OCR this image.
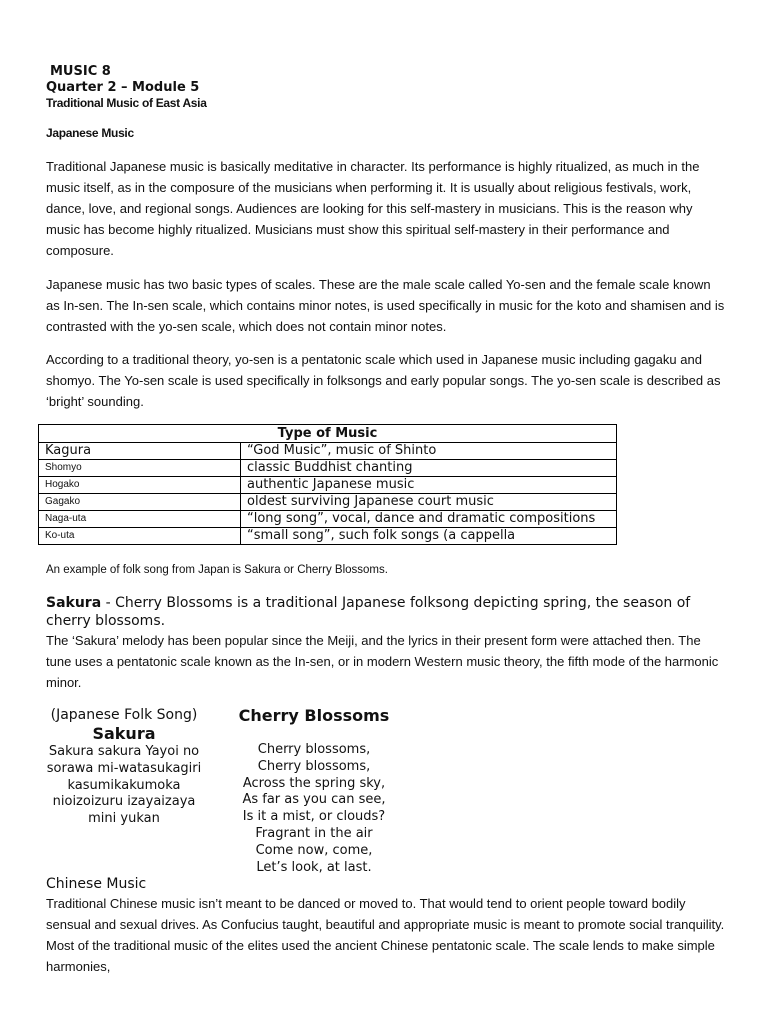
MUSIC 8
Quarter 2 – Module 5
Traditional Music of East Asia
Japanese Music
Traditional Japanese music is basically meditative in character. Its performance is highly ritualized, as much in the music itself, as in the composure of the musicians when performing it. It is usually about religious festivals, work, dance, love, and regional songs. Audiences are looking for this self-mastery in musicians. This is the reason why music has become highly ritualized. Musicians must show this spiritual self-mastery in their performance and composure.
Japanese music has two basic types of scales. These are the male scale called Yo-sen and the female scale known as In-sen. The In-sen scale, which contains minor notes, is used specifically in music for the koto and shamisen and is contrasted with the yo-sen scale, which does not contain minor notes.
According to a traditional theory, yo-sen is a pentatonic scale which used in Japanese music including gagaku and shomyo. The Yo-sen scale is used specifically in folksongs and early popular songs. The yo-sen scale is described as ‘bright’ sounding.
Type of Music	
Kagura	“God Music”, music of Shinto
Shomyo	classic Buddhist chanting
Hogako	authentic Japanese music
Gagako	oldest surviving Japanese court music
Naga-uta	“long song”, vocal, dance and dramatic compositions
Ko-uta	“small song”, such folk songs (a cappella
An example of folk song from Japan is Sakura or Cherry Blossoms.
Sakura - Cherry Blossoms is a traditional Japanese folksong depicting spring, the season of cherry blossoms.
The ‘Sakura’ melody has been popular since the Meiji, and the lyrics in their present form were attached then. The tune uses a pentatonic scale known as the In-sen, or in modern Western music theory, the fifth mode of the harmonic minor.
(Japanese Folk Song)
Sakura
Sakura sakura Yayoi no
sorawa mi-watasukagiri
kasumikakumoka
nioizoizuru izayaizaya
mini yukan
Cherry Blossoms
Cherry blossoms,
Cherry blossoms,
Across the spring sky,
As far as you can see,
Is it a mist, or clouds?
Fragrant in the air
Come now, come,
Let’s look, at last.
Chinese Music
Traditional Chinese music isn’t meant to be danced or moved to. That would tend to orient people toward bodily sensual and sexual drives. As Confucius taught, beautiful and appropriate music is meant to promote social tranquility. Most of the traditional music of the elites used the ancient Chinese pentatonic scale. The scale lends to make simple harmonies,
